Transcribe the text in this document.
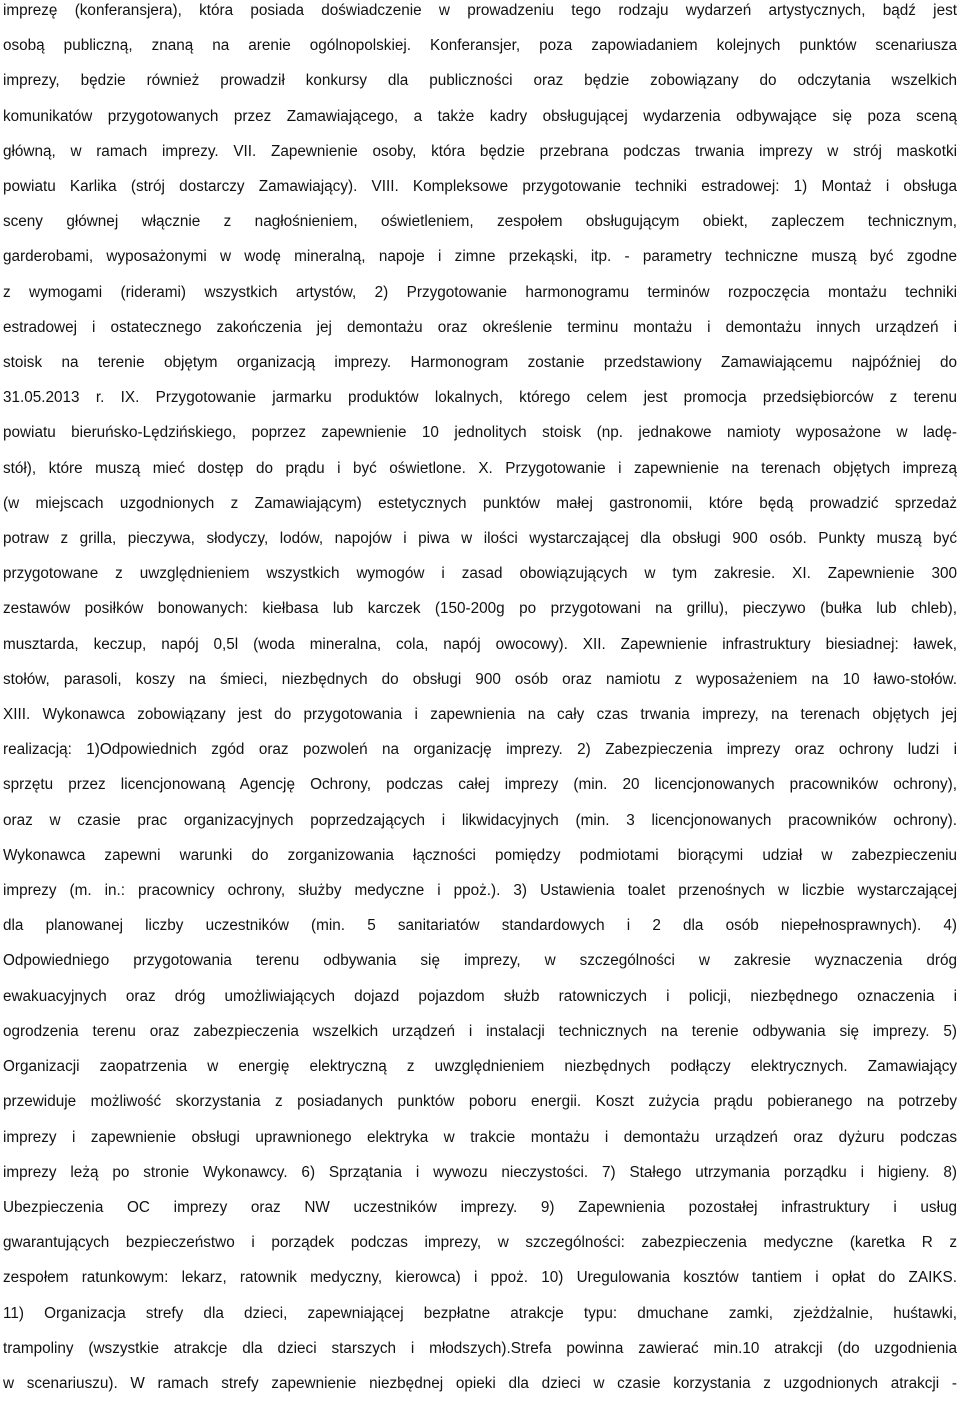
imprezę (konferansjera), która posiada doświadczenie w prowadzeniu tego rodzaju wydarzeń artystycznych, bądź jest
osobą publiczną, znaną na arenie ogólnopolskiej. Konferansjer, poza zapowiadaniem kolejnych punktów scenariusza
imprezy, będzie również prowadził konkursy dla publiczności oraz będzie zobowiązany do odczytania wszelkich
komunikatów przygotowanych przez Zamawiającego, a także kadry obsługującej wydarzenia odbywające się poza sceną
główną, w ramach imprezy. VII. Zapewnienie osoby, która będzie przebrana podczas trwania imprezy w strój maskotki
powiatu Karlika (strój dostarczy Zamawiający). VIII. Kompleksowe przygotowanie techniki estradowej: 1) Montaż i obsługa
sceny głównej włącznie z nagłośnieniem, oświetleniem, zespołem obsługującym obiekt, zapleczem technicznym,
garderobami, wyposażonymi w wodę mineralną, napoje i zimne przekąski, itp. - parametry techniczne muszą być zgodne
z wymogami (riderami) wszystkich artystów, 2) Przygotowanie harmonogramu terminów rozpoczęcia montażu techniki
estradowej i ostatecznego zakończenia jej demontażu oraz określenie terminu montażu i demontażu innych urządzeń i
stoisk na terenie objętym organizacją imprezy. Harmonogram zostanie przedstawiony Zamawiającemu najpóźniej do
31.05.2013 r. IX. Przygotowanie jarmarku produktów lokalnych, którego celem jest promocja przedsiębiorców z terenu
powiatu bieruńsko-Lędzińskiego, poprzez zapewnienie 10 jednolitych stoisk (np. jednakowe namioty wyposażone w ladę-
stół), które muszą mieć dostęp do prądu i być oświetlone. X. Przygotowanie i zapewnienie na terenach objętych imprezą
(w miejscach uzgodnionych z Zamawiającym) estetycznych punktów małej gastronomii, które będą prowadzić sprzedaż
potraw z grilla, pieczywa, słodyczy, lodów, napojów i piwa w ilości wystarczającej dla obsługi 900 osób. Punkty muszą być
przygotowane z uwzględnieniem wszystkich wymogów i zasad obowiązujących w tym zakresie. XI. Zapewnienie 300
zestawów posiłków bonowanych: kiełbasa lub karczek (150-200g po przygotowani na grillu), pieczywo (bułka lub chleb),
musztarda, keczup, napój 0,5l (woda mineralna, cola, napój owocowy). XII. Zapewnienie infrastruktury biesiadnej: ławek,
stołów, parasoli, koszy na śmieci, niezbędnych do obsługi 900 osób oraz namiotu z wyposażeniem na 10 ławo-stołów.
XIII. Wykonawca zobowiązany jest do przygotowania i zapewnienia na cały czas trwania imprezy, na terenach objętych jej
realizacją: 1)Odpowiednich zgód oraz pozwoleń na organizację imprezy. 2) Zabezpieczenia imprezy oraz ochrony ludzi i
sprzętu przez licencjonowaną Agencję Ochrony, podczas całej imprezy (min. 20 licencjonowanych pracowników ochrony),
oraz w czasie prac organizacyjnych poprzedzających i likwidacyjnych (min. 3 licencjonowanych pracowników ochrony).
Wykonawca zapewni warunki do zorganizowania łączności pomiędzy podmiotami biorącymi udział w zabezpieczeniu
imprezy (m. in.: pracownicy ochrony, służby medyczne i ppoż.). 3) Ustawienia toalet przenośnych w liczbie wystarczającej
dla planowanej liczby uczestników (min. 5 sanitariatów standardowych i 2 dla osób niepełnosprawnych). 4)
Odpowiedniego przygotowania terenu odbywania się imprezy, w szczególności w zakresie wyznaczenia dróg
ewakuacyjnych oraz dróg umożliwiających dojazd pojazdom służb ratowniczych i policji, niezbędnego oznaczenia i
ogrodzenia terenu oraz zabezpieczenia wszelkich urządzeń i instalacji technicznych na terenie odbywania się imprezy. 5)
Organizacji zaopatrzenia w energię elektryczną z uwzględnieniem niezbędnych podłączy elektrycznych. Zamawiający
przewiduje możliwość skorzystania z posiadanych punktów poboru energii. Koszt zużycia prądu pobieranego na potrzeby
imprezy i zapewnienie obsługi uprawnionego elektryka w trakcie montażu i demontażu urządzeń oraz dyżuru podczas
imprezy leżą po stronie Wykonawcy. 6) Sprzątania i wywozu nieczystości. 7) Stałego utrzymania porządku i higieny. 8)
Ubezpieczenia OC imprezy oraz NW uczestników imprezy. 9) Zapewnienia pozostałej infrastruktury i usług
gwarantujących bezpieczeństwo i porządek podczas imprezy, w szczególności: zabezpieczenia medyczne (karetka R z
zespołem ratunkowym: lekarz, ratownik medyczny, kierowca) i ppoż. 10) Uregulowania kosztów tantiem i opłat do ZAIKS.
11) Organizacja strefy dla dzieci, zapewniającej bezpłatne atrakcje typu: dmuchane zamki, zjeżdżalnie, huśtawki,
trampoliny (wszystkie atrakcje dla dzieci starszych i młodszych).Strefa powinna zawierać min.10 atrakcji (do uzgodnienia
w scenariuszu). W ramach strefy zapewnienie niezbędnej opieki dla dzieci w czasie korzystania z uzgodnionych atrakcji -
